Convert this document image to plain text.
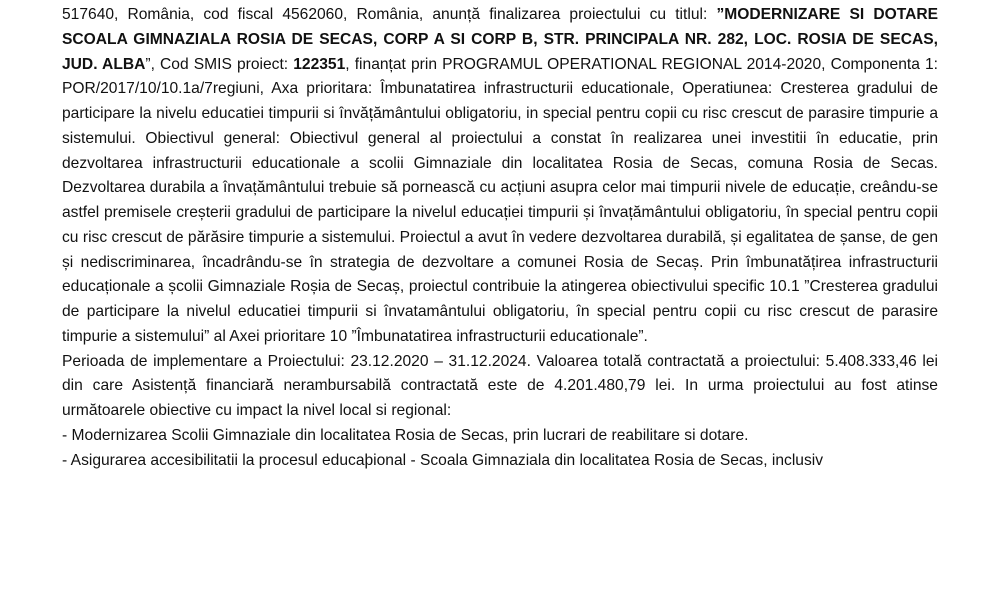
517640, România, cod fiscal 4562060, România, anunță finalizarea proiectului cu titlul: ”MODERNIZARE SI DOTARE SCOALA GIMNAZIALA ROSIA DE SECAS, CORP A SI CORP B, STR. PRINCIPALA NR. 282, LOC. ROSIA DE SECAS, JUD. ALBA”, Cod SMIS proiect: 122351, finanțat prin PROGRAMUL OPERATIONAL REGIONAL 2014-2020, Componenta 1: POR/2017/10/10.1a/7regiuni, Axa prioritara: Îmbunatatirea infrastructurii educationale, Operatiunea: Cresterea gradului de participare la nivelu educatiei timpurii si învățământului obligatoriu, in special pentru copii cu risc crescut de parasire timpurie a sistemului. Obiectivul general: Obiectivul general al proiectului a constat în realizarea unei investitii în educatie, prin dezvoltarea infrastructurii educationale a scolii Gimnaziale din localitatea Rosia de Secas, comuna Rosia de Secas. Dezvoltarea durabila a învațământului trebuie să pornească cu acțiuni asupra celor mai timpurii nivele de educație, creându-se astfel premisele creșterii gradului de participare la nivelul educației timpurii și învațământului obligatoriu, în special pentru copii cu risc crescut de părăsire timpurie a sistemului. Proiectul a avut în vedere dezvoltarea durabilă, și egalitatea de șanse, de gen și nediscriminarea, încadrându-se în strategia de dezvoltare a comunei Rosia de Secaș. Prin îmbunatățirea infrastructurii educaționale a școlii Gimnaziale Roșia de Secaș, proiectul contribuie la atingerea obiectivului specific 10.1 ”Cresterea gradului de participare la nivelul educatiei timpurii si învatamântului obligatoriu, în special pentru copii cu risc crescut de parasire timpurie a sistemului” al Axei prioritare 10 ”Îmbunatatirea infrastructurii educationale”.

Perioada de implementare a Proiectului: 23.12.2020 – 31.12.2024. Valoarea totală contractată a proiectului: 5.408.333,46 lei din care Asistență financiară nerambursabilă contractată este de 4.201.480,79 lei. In urma proiectului au fost atinse următoarele obiective cu impact la nivel local si regional:

- Modernizarea Scolii Gimnaziale din localitatea Rosia de Secas, prin lucrari de reabilitare si dotare.

- Asigurarea accesibilitatii la procesul educaþional - Scoala Gimnaziala din localitatea Rosia de Secas, inclusiv
